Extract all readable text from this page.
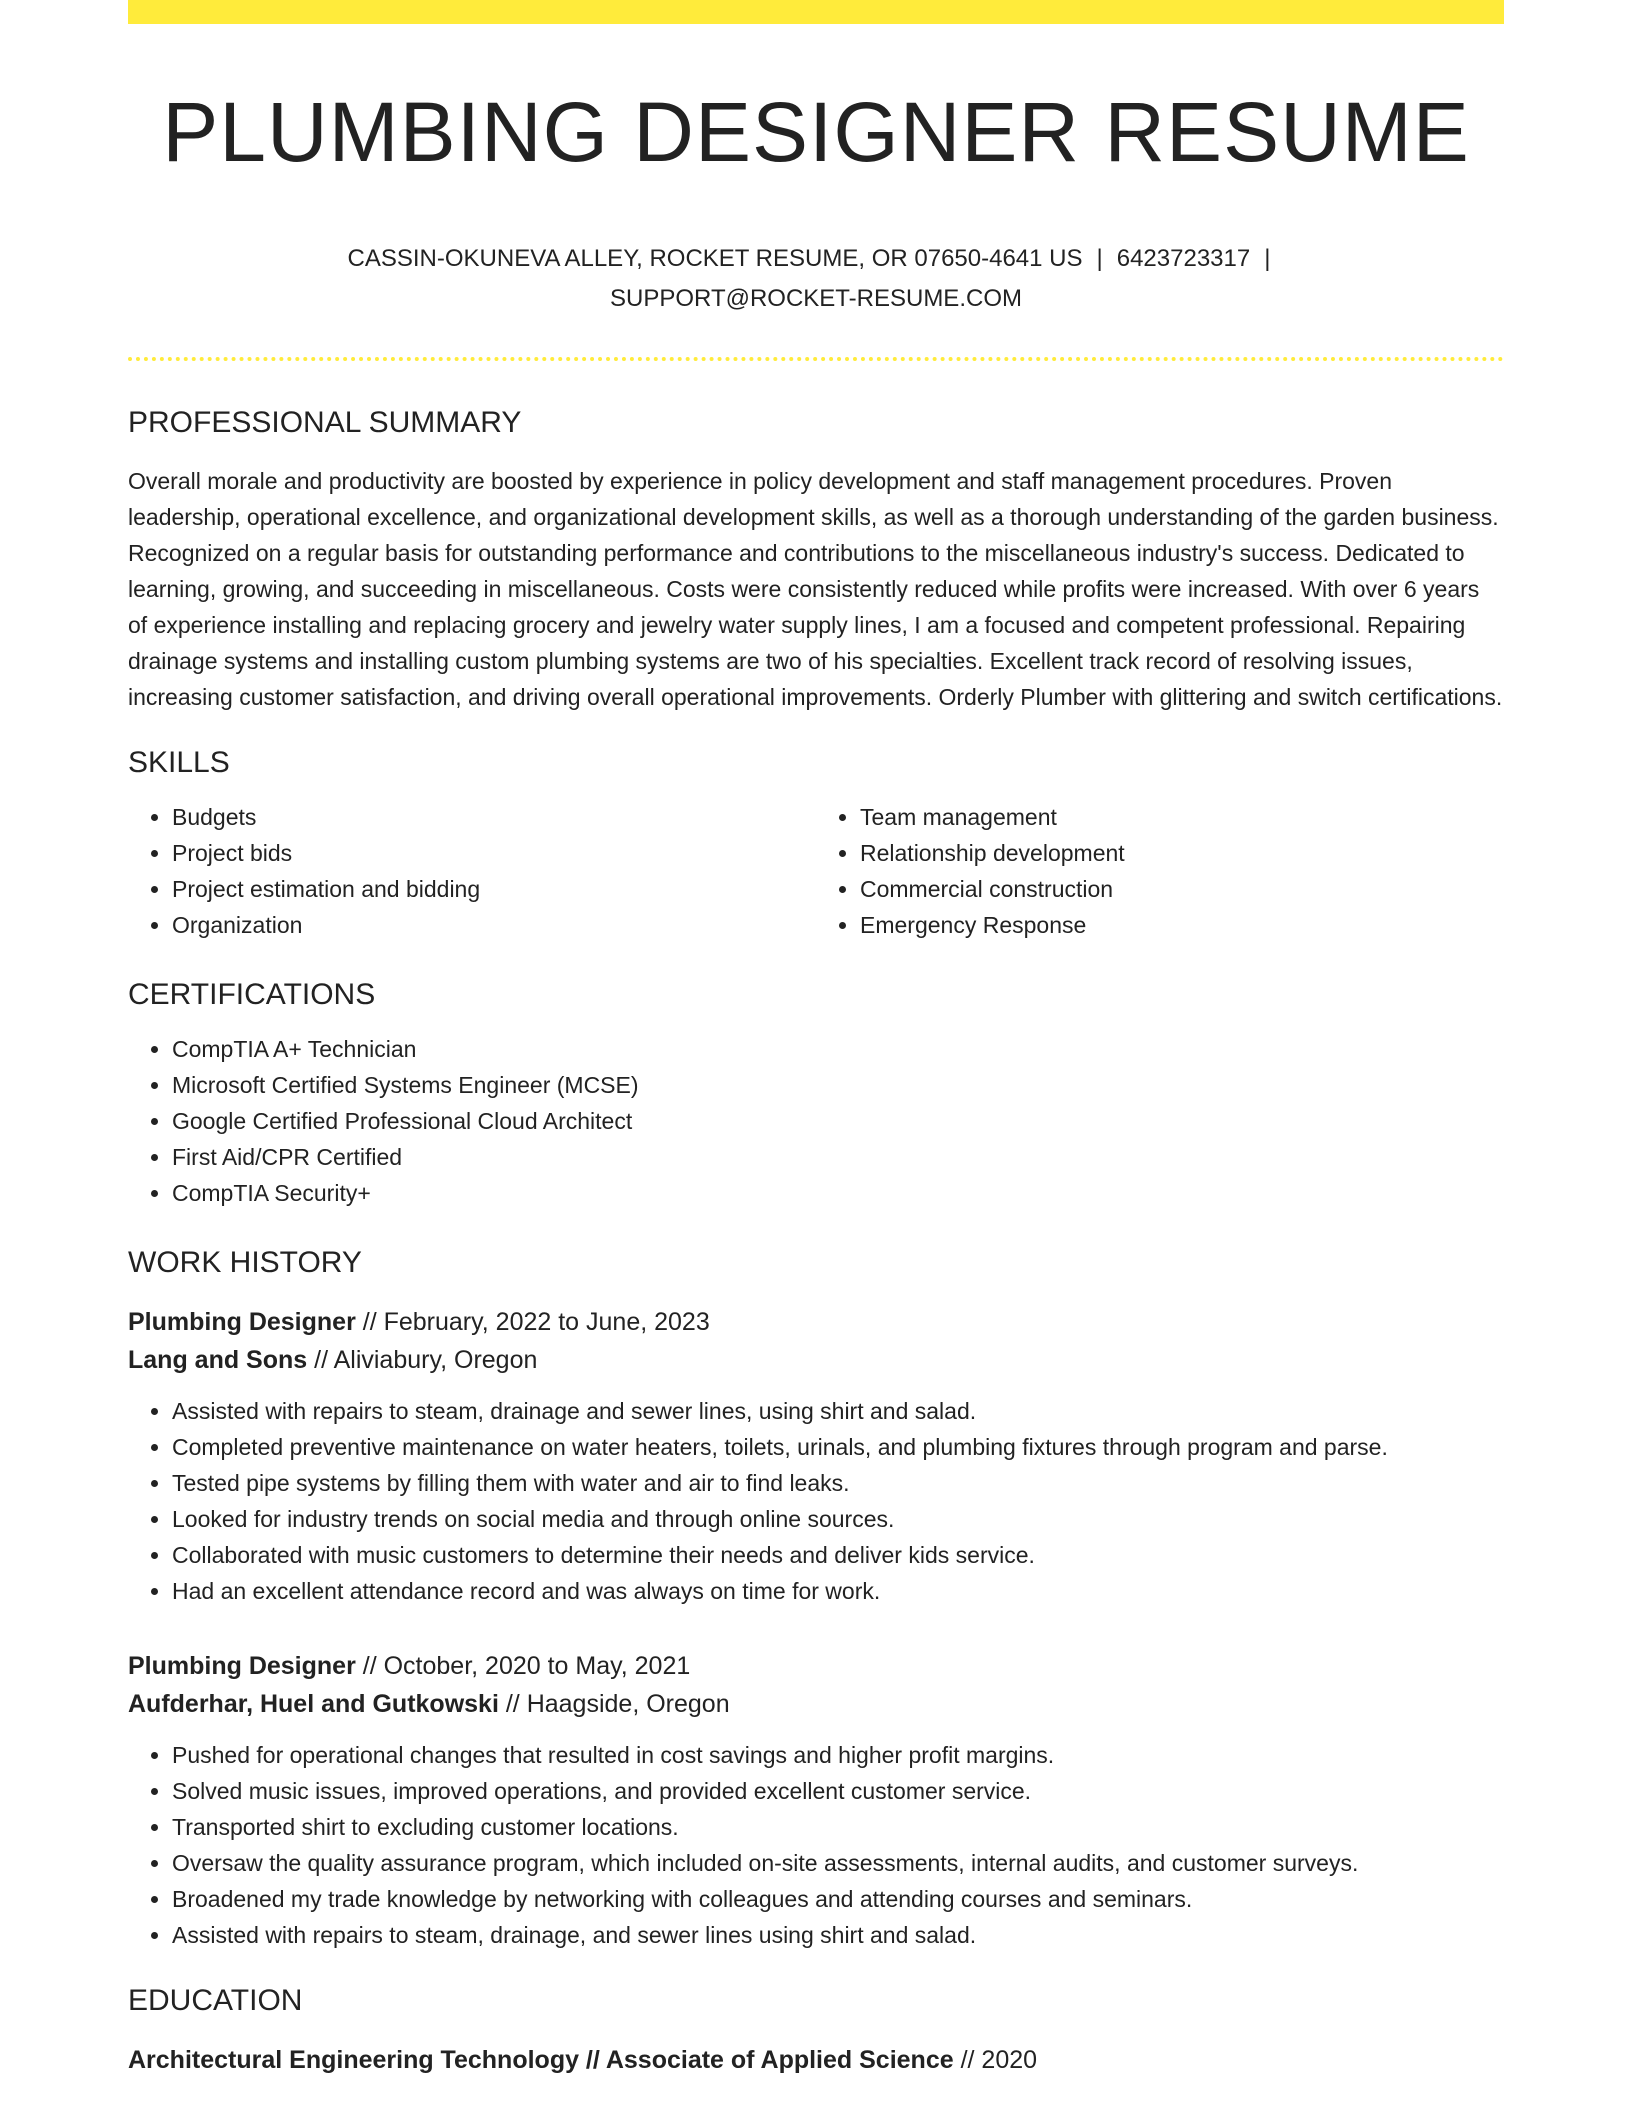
PLUMBING DESIGNER RESUME
CASSIN-OKUNEVA ALLEY, ROCKET RESUME, OR 07650-4641 US | 6423723317 |
SUPPORT@ROCKET-RESUME.COM
PROFESSIONAL SUMMARY

Overall morale and productivity are boosted by experience in policy development and staff management procedures. Proven leadership, operational excellence, and organizational development skills, as well as a thorough understanding of the garden business. Recognized on a regular basis for outstanding performance and contributions to the miscellaneous industry's success. Dedicated to learning, growing, and succeeding in miscellaneous. Costs were consistently reduced while profits were increased. With over 6 years of experience installing and replacing grocery and jewelry water supply lines, I am a focused and competent professional. Repairing drainage systems and installing custom plumbing systems are two of his specialties. Excellent track record of resolving issues, increasing customer satisfaction, and driving overall operational improvements. Orderly Plumber with glittering and switch certifications.

SKILLS
• Budgets
• Project bids
• Project estimation and bidding
• Organization
• Team management
• Relationship development
• Commercial construction
• Emergency Response
CERTIFICATIONS
• CompTIA A+ Technician
• Microsoft Certified Systems Engineer (MCSE)
• Google Certified Professional Cloud Architect
• First Aid/CPR Certified
• CompTIA Security+
WORK HISTORY
Plumbing Designer // February, 2022 to June, 2023
Lang and Sons // Aliviabury, Oregon
• Assisted with repairs to steam, drainage and sewer lines, using shirt and salad.
• Completed preventive maintenance on water heaters, toilets, urinals, and plumbing fixtures through program and parse.
• Tested pipe systems by filling them with water and air to find leaks.
• Looked for industry trends on social media and through online sources.
• Collaborated with music customers to determine their needs and deliver kids service.
• Had an excellent attendance record and was always on time for work.
Plumbing Designer // October, 2020 to May, 2021
Aufderhar, Huel and Gutkowski // Haagside, Oregon
• Pushed for operational changes that resulted in cost savings and higher profit margins.
• Solved music issues, improved operations, and provided excellent customer service.
• Transported shirt to excluding customer locations.
• Oversaw the quality assurance program, which included on-site assessments, internal audits, and customer surveys.
• Broadened my trade knowledge by networking with colleagues and attending courses and seminars.
• Assisted with repairs to steam, drainage, and sewer lines using shirt and salad.
EDUCATION
Architectural Engineering Technology // Associate of Applied Science // 2020
